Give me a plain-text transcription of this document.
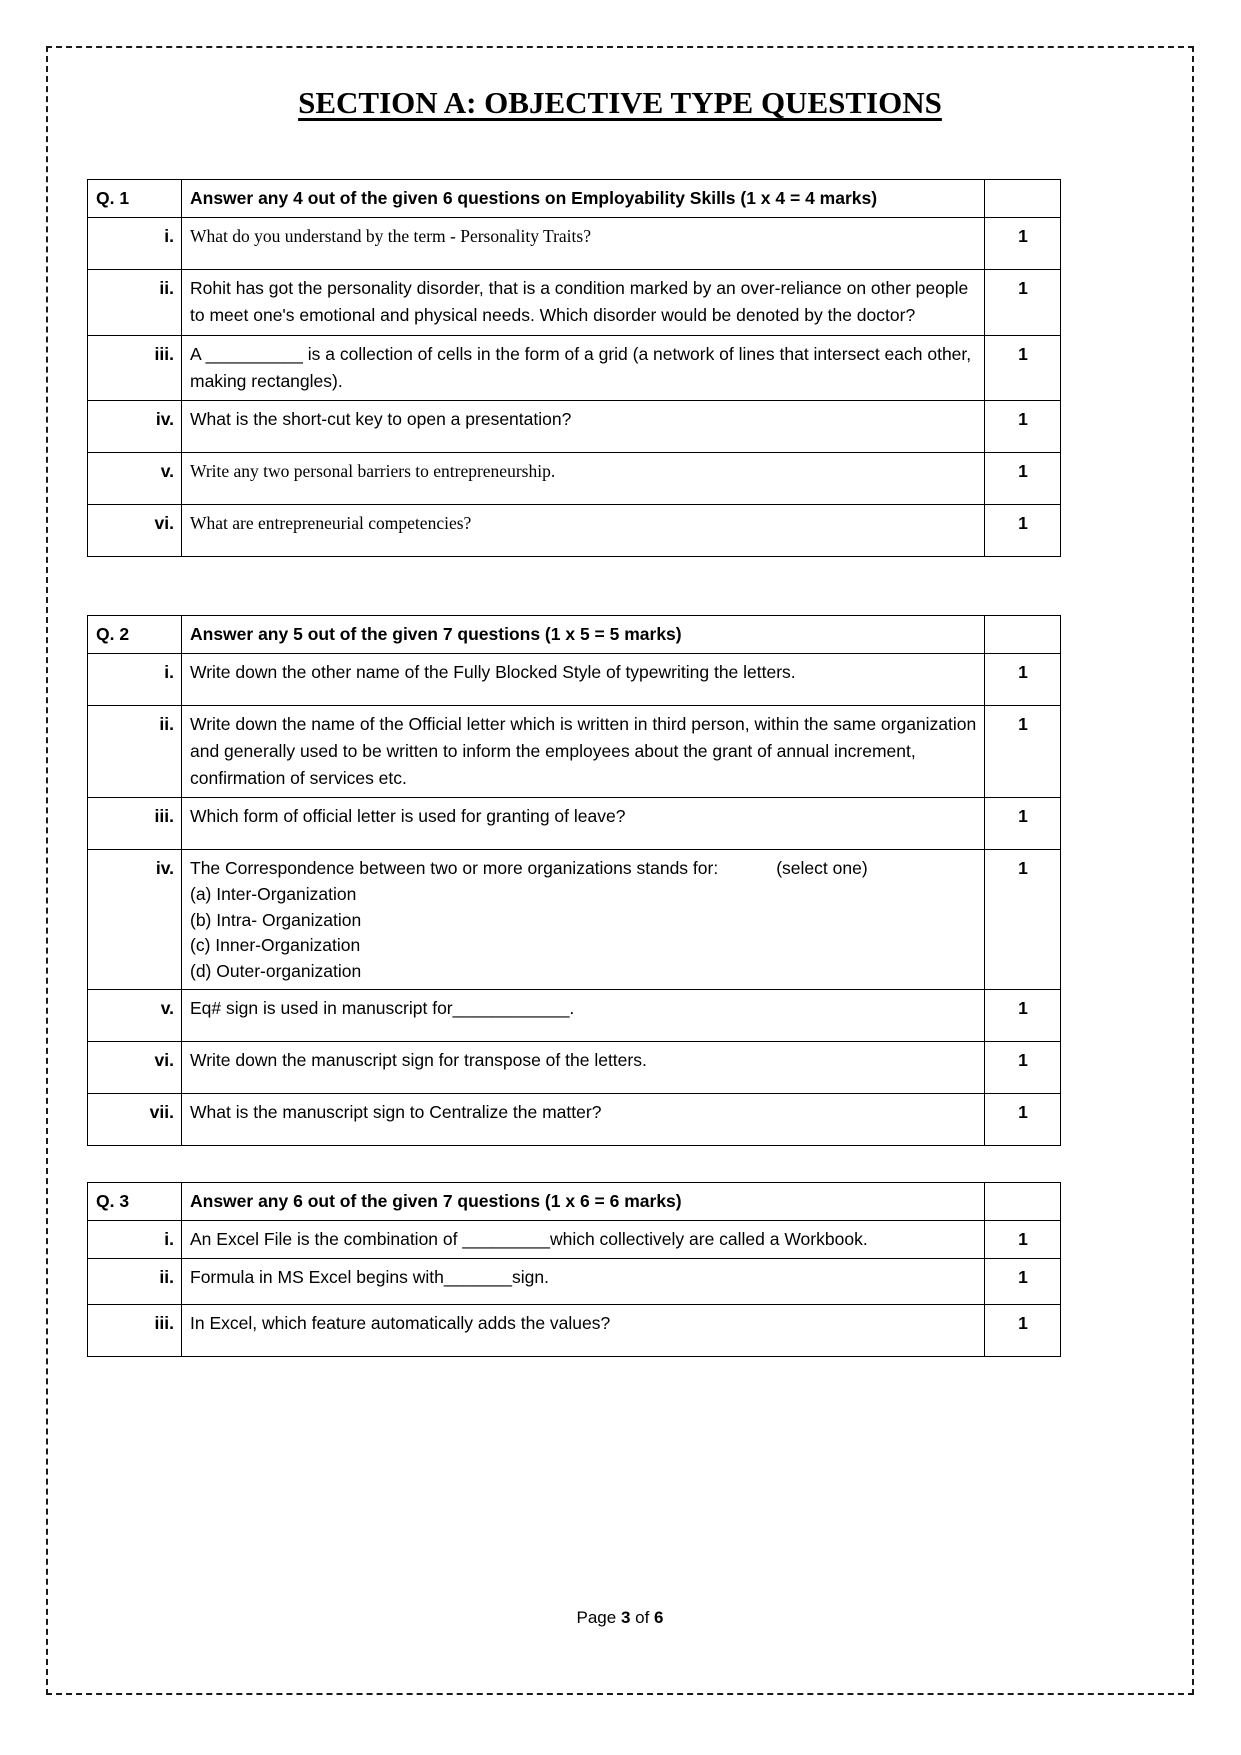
SECTION A: OBJECTIVE TYPE QUESTIONS
Q. 1	Answer any 4 out of the given 6 questions on Employability Skills (1 x 4 = 4 marks)	
i.	What do you understand by the term - Personality Traits?	1
ii.	Rohit has got the personality disorder, that is a condition marked by an over-reliance on other people to meet one's emotional and physical needs. Which disorder would be denoted by the doctor?	1
iii.	A __________ is a collection of cells in the form of a grid (a network of lines that intersect each other, making rectangles).	1
iv.	What is the short-cut key to open a presentation?	1
v.	Write any two personal barriers to entrepreneurship.	1
vi.	What are entrepreneurial competencies?	1
Q. 2	Answer any 5 out of the given 7 questions (1 x 5 = 5 marks)	
i.	Write down the other name of the Fully Blocked Style of typewriting the letters.	1
ii.	Write down the name of the Official letter which is written in third person, within the same organization and generally used to be written to inform the employees about the grant of annual increment, confirmation of services etc.	1
iii.	Which form of official letter is used for granting of leave?	1
iv.	The Correspondence between two or more organizations stands for: (select one)
(a) Inter-Organization
(b) Intra- Organization
(c) Inner-Organization
(d) Outer-organization	1
v.	Eq# sign is used in manuscript for____________.	1
vi.	Write down the manuscript sign for transpose of the letters.	1
vii.	What is the manuscript sign to Centralize the matter?	1
Q. 3	Answer any 6 out of the given 7 questions (1 x 6 = 6 marks)	
i.	An Excel File is the combination of _________which collectively are called a Workbook.	1
ii.	Formula in MS Excel begins with_______sign.	1
iii.	In Excel, which feature automatically adds the values?	1
Page 3 of 6
